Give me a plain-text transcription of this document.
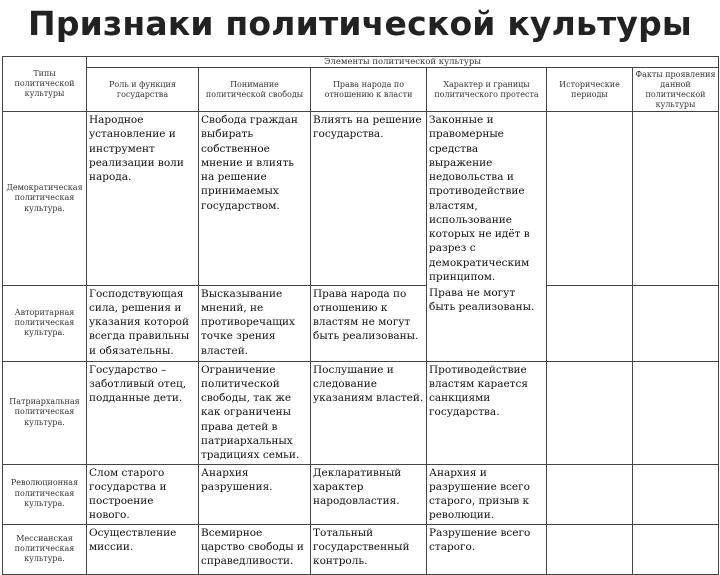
Признаки политической культуры
Типы политической культуры	Элементы политической культуры					
	Роль и функция государства	Понимание политической свободы	Права народа по отношению к власти	Характер и границы политического протеста	Исторические периоды	Факты проявления данной политической культуры
Демократическая политическая культура.	Народное установление и инструмент реализации воли народа.	Свобода граждан выбирать собственное мнение и влиять на решение принимаемых государством.	Влиять на решение государства.	Законные и правомерные средства выражение недовольства и противодействие властям, использование которых не идёт в разрез с демократическим принципом.		
Авторитарная политическая культура.	Господствующая сила, решения и указания которой всегда правильны и обязательны.	Высказывание мнений, не противоречащих точке зрения властей.	Права народа по отношению к властям не могут быть реализованы.	Права не могут быть реализованы.		
Патриархальная политическая культура.	Государство – заботливый отец, подданные дети.	Ограничение политической свободы, так же как ограничены права детей в патриархальных традициях семьи.	Послушание и следование указаниям властей.	Противодействие властям карается санкциями государства.		
Революционная политическая культура.	Слом старого государства и построение нового.	Анархия разрушения.	Декларативный характер народовластия.	Анархия и разрушение всего старого, призыв к революции.		
Мессианская политическая культура.	Осуществление миссии.	Всемирное царство свободы и справедливости.	Тотальный государственный контроль.	Разрушение всего старого.		
